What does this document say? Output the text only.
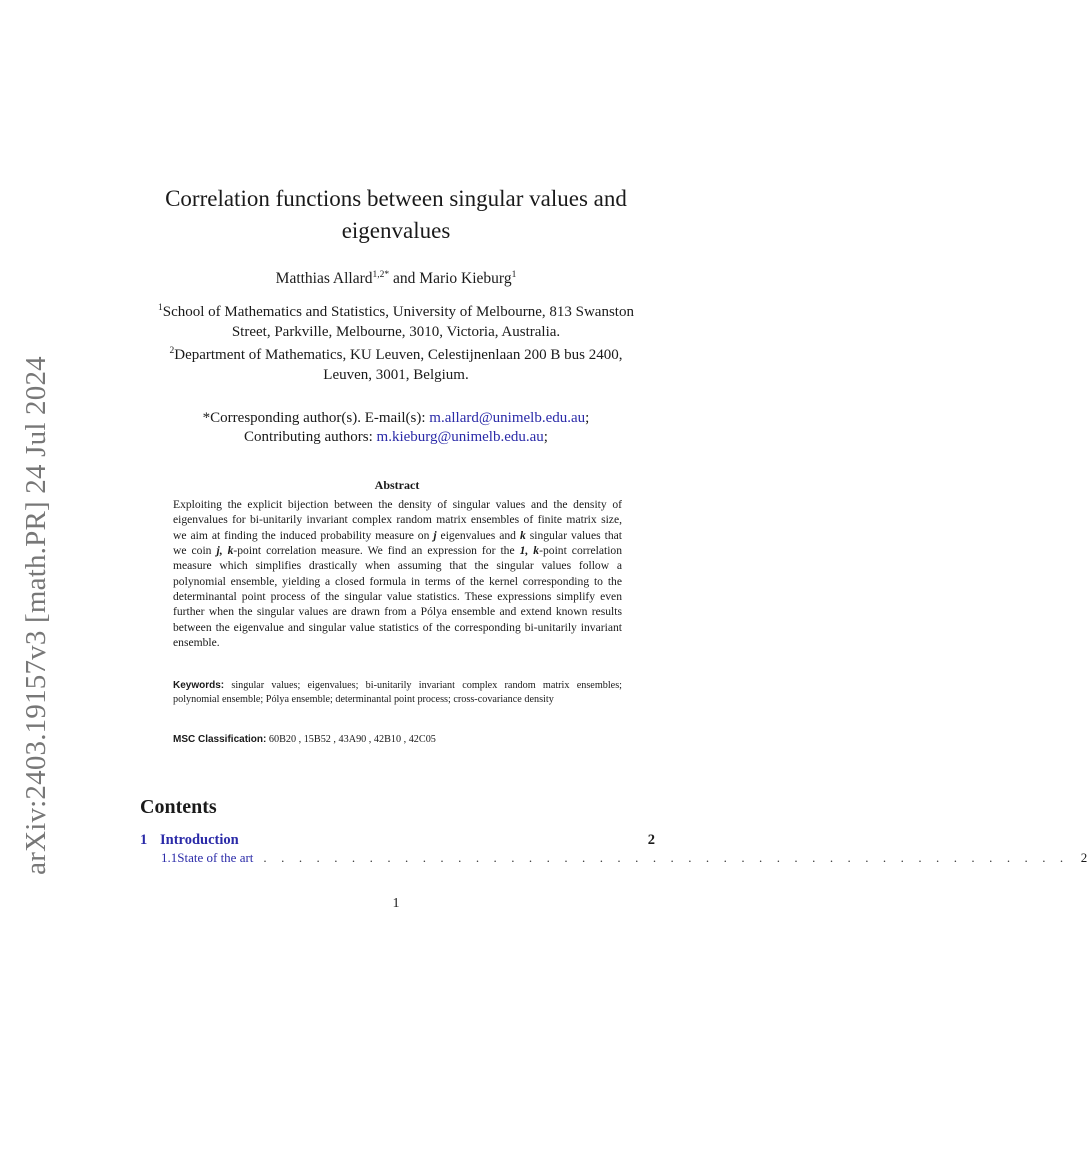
arXiv:2403.19157v3 [math.PR] 24 Jul 2024
Correlation functions between singular values and eigenvalues
Matthias Allard$^{1,2*}$ and Mario Kieburg$^1$
$^1$School of Mathematics and Statistics, University of Melbourne, 813 Swanston Street, Parkville, Melbourne, 3010, Victoria, Australia.
$^2$Department of Mathematics, KU Leuven, Celestijnenlaan 200 B bus 2400, Leuven, 3001, Belgium.
*Corresponding author(s). E-mail(s): m.allard@unimelb.edu.au;
Contributing authors: m.kieburg@unimelb.edu.au;
Abstract

Exploiting the explicit bijection between the density of singular values and the density of eigenvalues for bi-unitarily invariant complex random matrix ensembles of finite matrix size, we aim at finding the induced probability measure on j eigenvalues and k singular values that we coin j, k-point correlation measure. We find an expression for the 1, k-point correlation measure which simplifies drastically when assuming that the singular values follow a polynomial ensemble, yielding a closed formula in terms of the kernel corresponding to the determinantal point process of the singular value statistics. These expressions simplify even further when the singular values are drawn from a Pólya ensemble and extend known results between the eigenvalue and singular value statistics of the corresponding bi-unitarily invariant ensemble.

Keywords: singular values; eigenvalues; bi-unitarily invariant complex random matrix ensembles; polynomial ensemble; Pólya ensemble; determinantal point process; cross-covariance density

MSC Classification: 60B20 , 15B52 , 43A90 , 42B10 , 42C05

Contents
1 Introduction	2
1.1 State of the art . . . . . . . . . . . . . . . . . . . . . . . . . . . . . . . . . . . . . . . . . . . . . . 2
1
